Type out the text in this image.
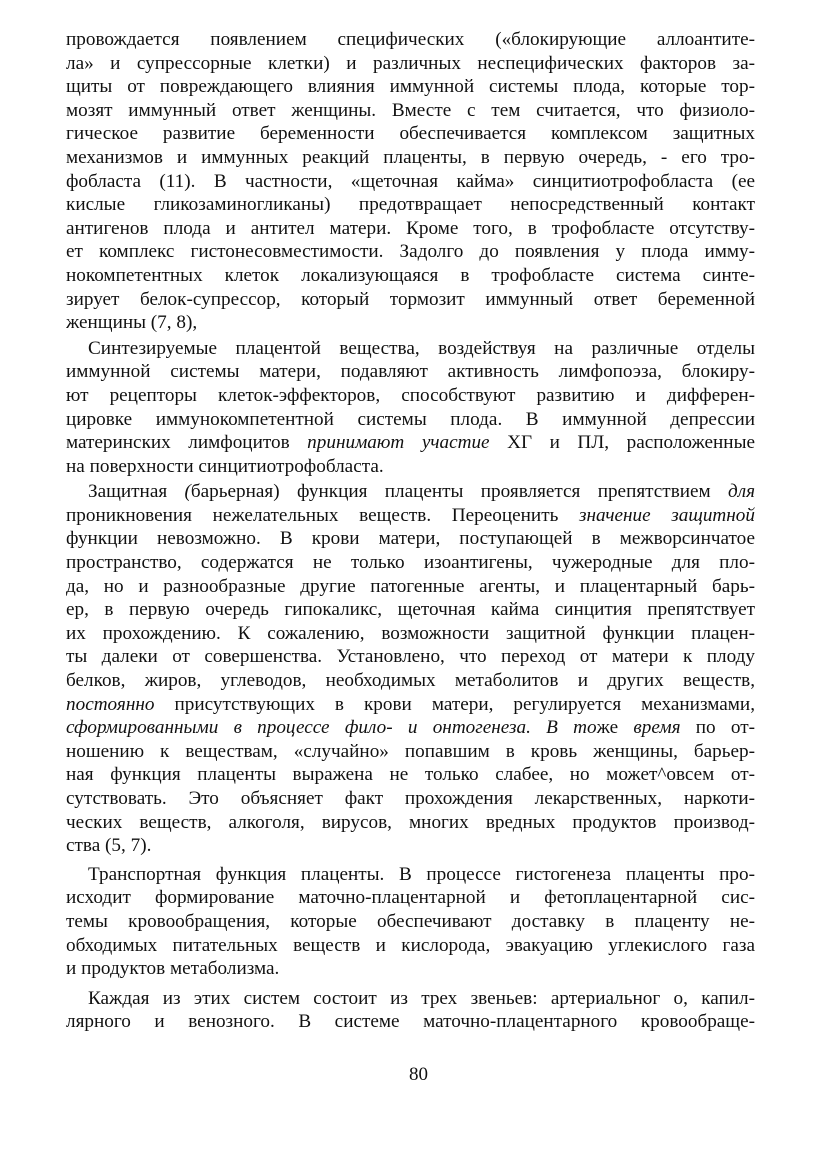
провождается появлением специфических («блокирующие аллоантите-
ла» и супрессорные клетки) и различных неспецифических факторов за-
щиты от повреждающего влияния иммунной системы плода, которые тор-
мозят иммунный ответ женщины. Вместе с тем считается, что физиоло-
гическое развитие беременности обеспечивается комплексом защитных
механизмов и иммунных реакций плаценты, в первую очередь, - его тро-
фобласта (11). В частности, «щеточная кайма» синцитиотрофобласта (ее
кислые гликозаминогликаны) предотвращает непосредственный контакт
антигенов плода и антител матери. Кроме того, в трофобласте отсутству-
ет комплекс гистонесовместимости. Задолго до появления у плода имму-
нокомпетентных клеток локализующаяся в трофобласте система синте-
зирует белок-супрессор, который тормозит иммунный ответ беременной
женщины (7, 8),
Синтезируемые плацентой вещества, воздействуя на различные отделы
иммунной системы матери, подавляют активность лимфопоэза, блокиру-
ют рецепторы клеток-эффекторов, способствуют развитию и дифферен-
цировке иммунокомпетентной системы плода. В иммунной депрессии
материнских лимфоцитов принимают участие ХГ и ПЛ, расположенные
на поверхности синцитиотрофобласта.
Защитная (барьерная) функция плаценты проявляется препятствием для
проникновения нежелательных веществ. Переоценить значение защитной
функции невозможно. В крови матери, поступающей в межворсинчатое
пространство, содержатся не только изоантигены, чужеродные для пло-
да, но и разнообразные другие патогенные агенты, и плацентарный барь-
ер, в первую очередь гипокаликс, щеточная кайма синцития препятствует
их прохождению. К сожалению, возможности защитной функции плацен-
ты далеки от совершенства. Установлено, что переход от матери к плоду
белков, жиров, углеводов, необходимых метаболитов и других веществ,
постоянно присутствующих в крови матери, регулируется механизмами,
сформированными в процессе фило- и онтогенеза. В тоже время по от-
ношению к веществам, «случайно» попавшим в кровь женщины, барьер-
ная функция плаценты выражена не только слабее, но может^овсем от-
сутствовать. Это объясняет факт прохождения лекарственных, наркоти-
ческих веществ, алкоголя, вирусов, многих вредных продуктов производ-
ства (5, 7).
Транспортная функция плаценты. В процессе гистогенеза плаценты про-
исходит формирование маточно-плацентарной и фетоплацентарной сис-
темы кровообращения, которые обеспечивают доставку в плаценту не-
обходимых питательных веществ и кислорода, эвакуацию углекислого газа
и продуктов метаболизма.
Каждая из этих систем состоит из трех звеньев: артериальног о, капил-
лярного и венозного. В системе маточно-плацентарного кровообраще-
80
